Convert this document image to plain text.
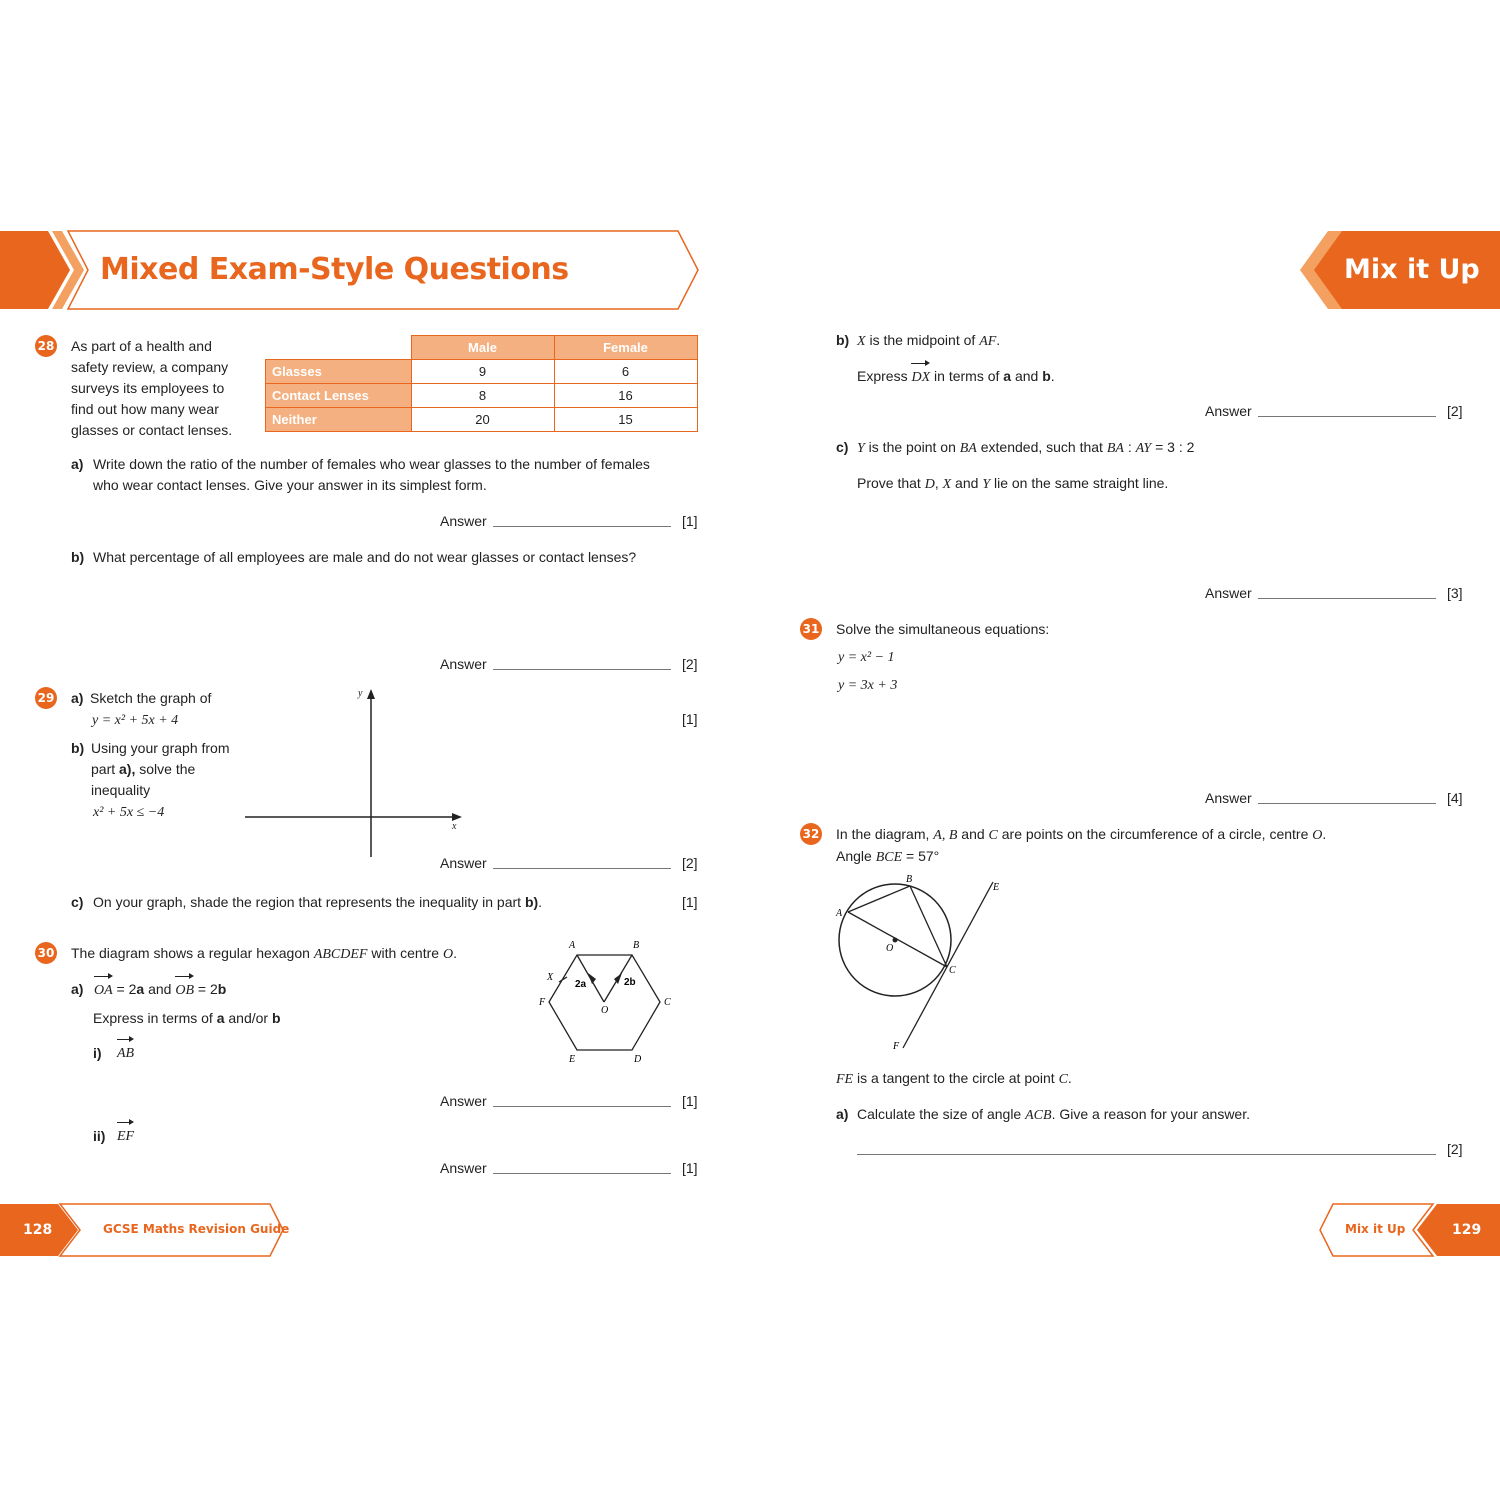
Mixed Exam-Style Questions	Mix it Up
28 As part of a health and
safety review, a company
surveys its employees to
find out how many wear
glasses or contact lenses.
	Male	Female
Glasses	9	6
Contact Lenses	8	16
Neither	20	15
a) Write down the ratio of the number of females who wear glasses to the number of females
who wear contact lenses. Give your answer in its simplest form.
Answer	[1]
b) What percentage of all employees are male and do not wear glasses or contact lenses?
Answer	[2]
29 a) Sketch the graph of
y = x² + 5x + 4	[1]
b) Using your graph from
part a), solve the
inequality
x² + 5x ≤ −4
y
x
Answer	[2]
c) On your graph, shade the region that represents the inequality in part b).	[1]
30 The diagram shows a regular hexagon ABCDEF with centre O.
a) OA = 2a and OB = 2b
Express in terms of a and/or b
i) AB
Answer	[1]
ii) EF
Answer	[1]
A	B
C
D
E
F
O
X
2a	2b
b) X is the midpoint of AF.
Express DX in terms of a and b.
Answer	[2]
c) Y is the point on BA extended, such that BA : AY = 3 : 2
Prove that D, X and Y lie on the same straight line.
Answer	[3]
31 Solve the simultaneous equations:
y = x² − 1
y = 3x + 3
Answer	[4]
32 In the diagram, A, B and C are points on the circumference of a circle, centre O.
Angle BCE = 57°
B
A
C
O
E
F
FE is a tangent to the circle at point C.
a) Calculate the size of angle ACB. Give a reason for your answer.
[2]
128	GCSE Maths Revision Guide	Mix it Up	129
